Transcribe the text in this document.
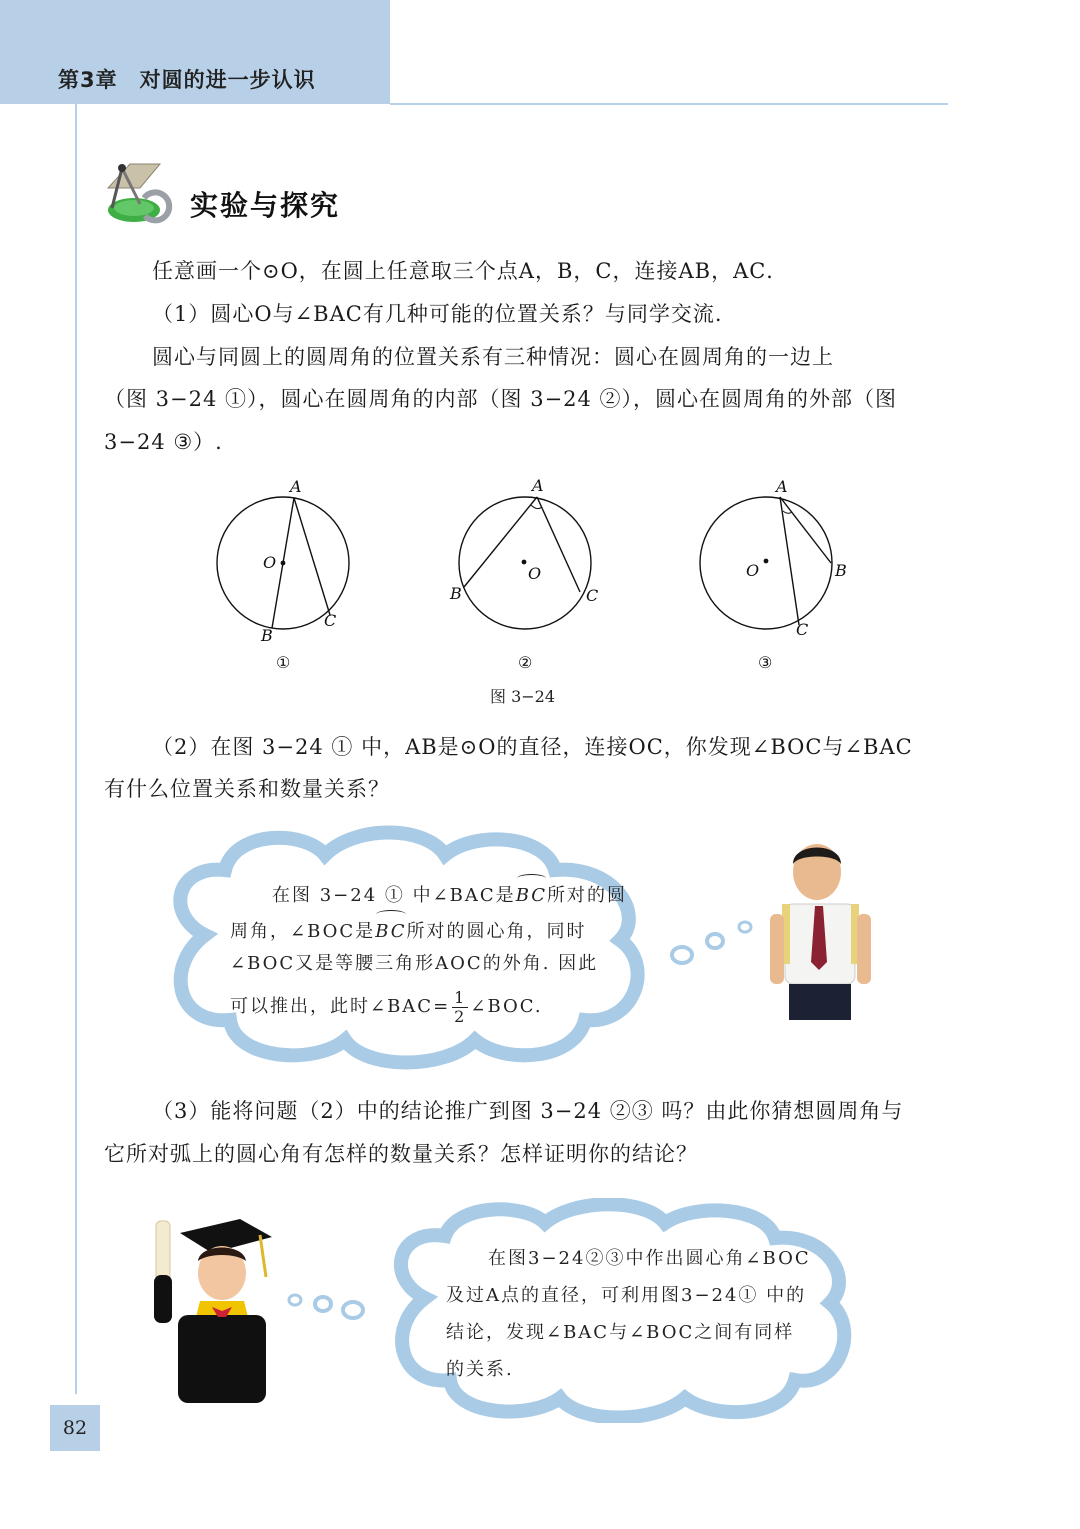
第3章　对圆的进一步认识
实验与探究
任意画一个⊙O，在圆上任意取三个点A，B，C，连接AB，AC．
（1）圆心O与∠BAC有几种可能的位置关系？与同学交流.
圆心与同圆上的圆周角的位置关系有三种情况：圆心在圆周角的一边上
（图 3−24 ①），圆心在圆周角的内部（图 3−24 ②），圆心在圆周角的外部（图
3−24 ③）.
A
O
B
C
①
A
O
B	C
②
A
O	B
C
③
图 3−24
（2）在图 3−24 ① 中，AB是⊙O的直径，连接OC，你发现∠BOC与∠BAC
有什么位置关系和数量关系？
在图 3−24 ① 中∠BAC是BC所对的圆
周角，∠BOC是BC所对的圆心角，同时
∠BOC又是等腰三角形AOC的外角. 因此
可以推出，此时∠BAC= $\frac{1}{2}$ ∠BOC.
（3）能将问题（2）中的结论推广到图 3−24 ②③ 吗？由此你猜想圆周角与
它所对弧上的圆心角有怎样的数量关系？怎样证明你的结论？
在图3−24②③中作出圆心角∠BOC
及过A点的直径，可利用图3−24① 中的
结论，发现∠BAC与∠BOC之间有同样
的关系.
82
